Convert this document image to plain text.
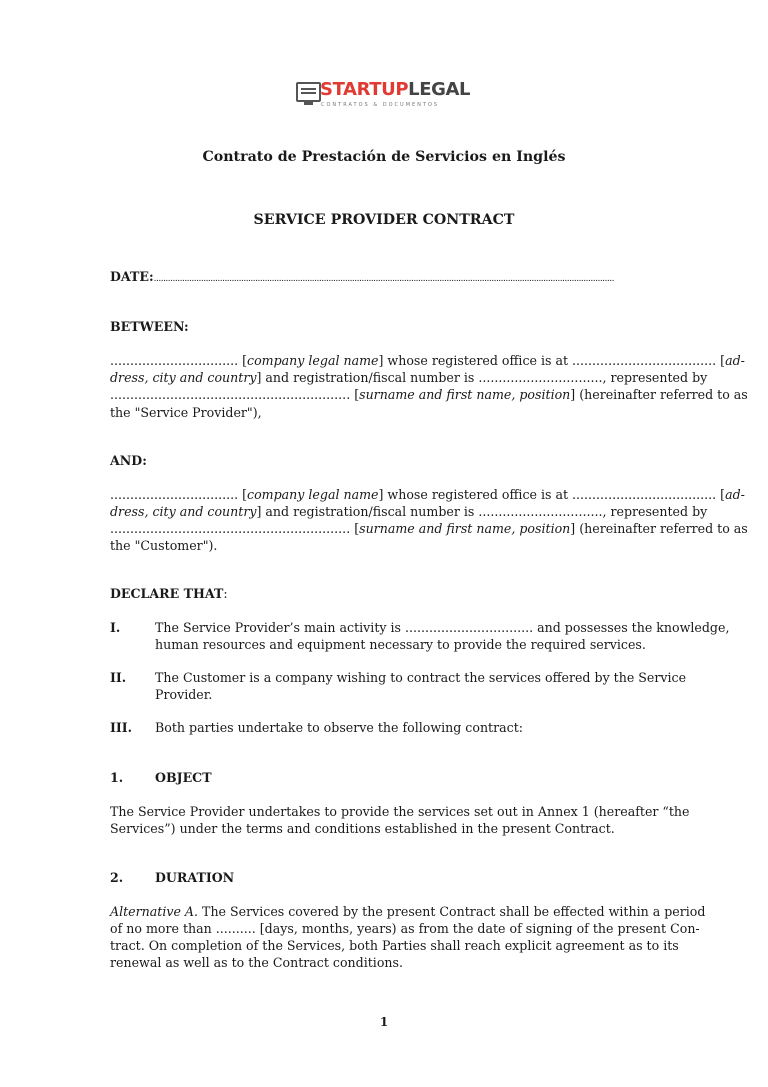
STARTUPLEGAL
CONTRATOS & DOCUMENTOS
Contrato de Prestación de Servicios en Inglés
SERVICE PROVIDER CONTRACT
DATE:...................................................................................................................................................................................................
BETWEEN:
................................ [company legal name] whose registered office is at .................................... [ad-
dress, city and country] and registration/fiscal number is ..............................., represented by
............................................................ [surname and first name, position] (hereinafter referred to as
the "Service Provider"),
AND:
................................ [company legal name] whose registered office is at .................................... [ad-
dress, city and country] and registration/fiscal number is ..............................., represented by
............................................................ [surname and first name, position] (hereinafter referred to as
the "Customer").
DECLARE THAT:
I.	The Service Provider’s main activity is ................................ and possesses the knowledge,
human resources and equipment necessary to provide the required services.
II. The Customer is a company wishing to contract the services offered by the Service
Provider.
III. Both parties undertake to observe the following contract:
1.	OBJECT
The Service Provider undertakes to provide the services set out in Annex 1 (hereafter “the
Services”) under the terms and conditions established in the present Contract.
2.	DURATION
Alternative A. The Services covered by the present Contract shall be effected within a period
of no more than .......... [days, months, years) as from the date of signing of the present Con-
tract. On completion of the Services, both Parties shall reach explicit agreement as to its
renewal as well as to the Contract conditions.
1
